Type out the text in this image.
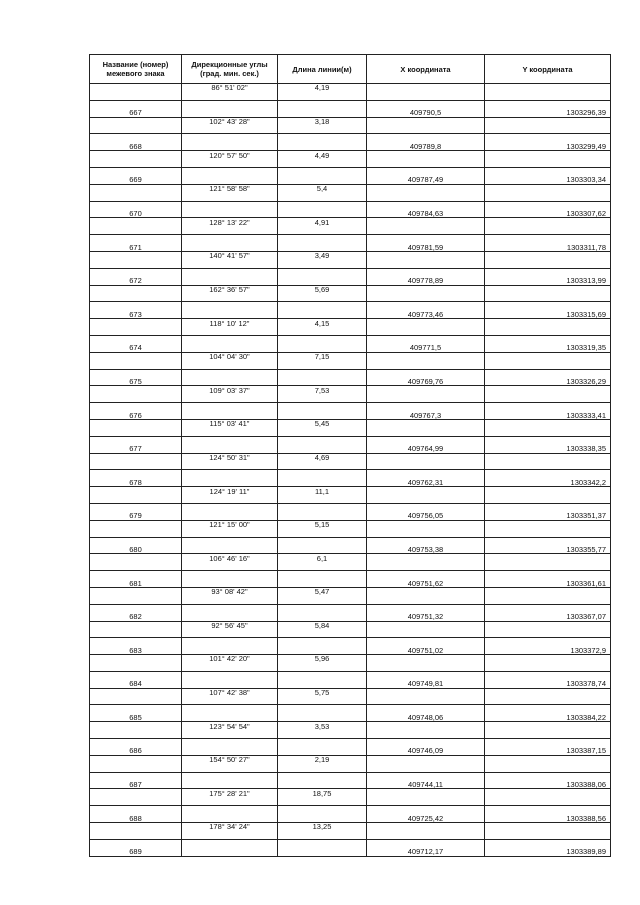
Название (номер) межевого знака	Дирекционные углы (град. мин. сек.)	Длина линии(м)	X координата	Y координата
	86° 51' 02"	4,19		
667			409790,5	1303296,39
	102° 43' 28"	3,18		
668			409789,8	1303299,49
	120° 57' 50"	4,49		
669			409787,49	1303303,34
	121° 58' 58"	5,4		
670			409784,63	1303307,62
	128° 13' 22"	4,91		
671			409781,59	1303311,78
	140° 41' 57"	3,49		
672			409778,89	1303313,99
	162° 36' 57"	5,69		
673			409773,46	1303315,69
	118° 10' 12"	4,15		
674			409771,5	1303319,35
	104° 04' 30"	7,15		
675			409769,76	1303326,29
	109° 03' 37"	7,53		
676			409767,3	1303333,41
	115° 03' 41"	5,45		
677			409764,99	1303338,35
	124° 50' 31"	4,69		
678			409762,31	1303342,2
	124° 19' 11"	11,1		
679			409756,05	1303351,37
	121° 15' 00"	5,15		
680			409753,38	1303355,77
	106° 46' 16"	6,1		
681			409751,62	1303361,61
	93° 08' 42"	5,47		
682			409751,32	1303367,07
	92° 56' 45"	5,84		
683			409751,02	1303372,9
	101° 42' 20"	5,96		
684			409749,81	1303378,74
	107° 42' 38"	5,75		
685			409748,06	1303384,22
	123° 54' 54"	3,53		
686			409746,09	1303387,15
	154° 50' 27"	2,19		
687			409744,11	1303388,06
	175° 28' 21"	18,75		
688			409725,42	1303388,56
	178° 34' 24"	13,25		
689			409712,17	1303389,89
